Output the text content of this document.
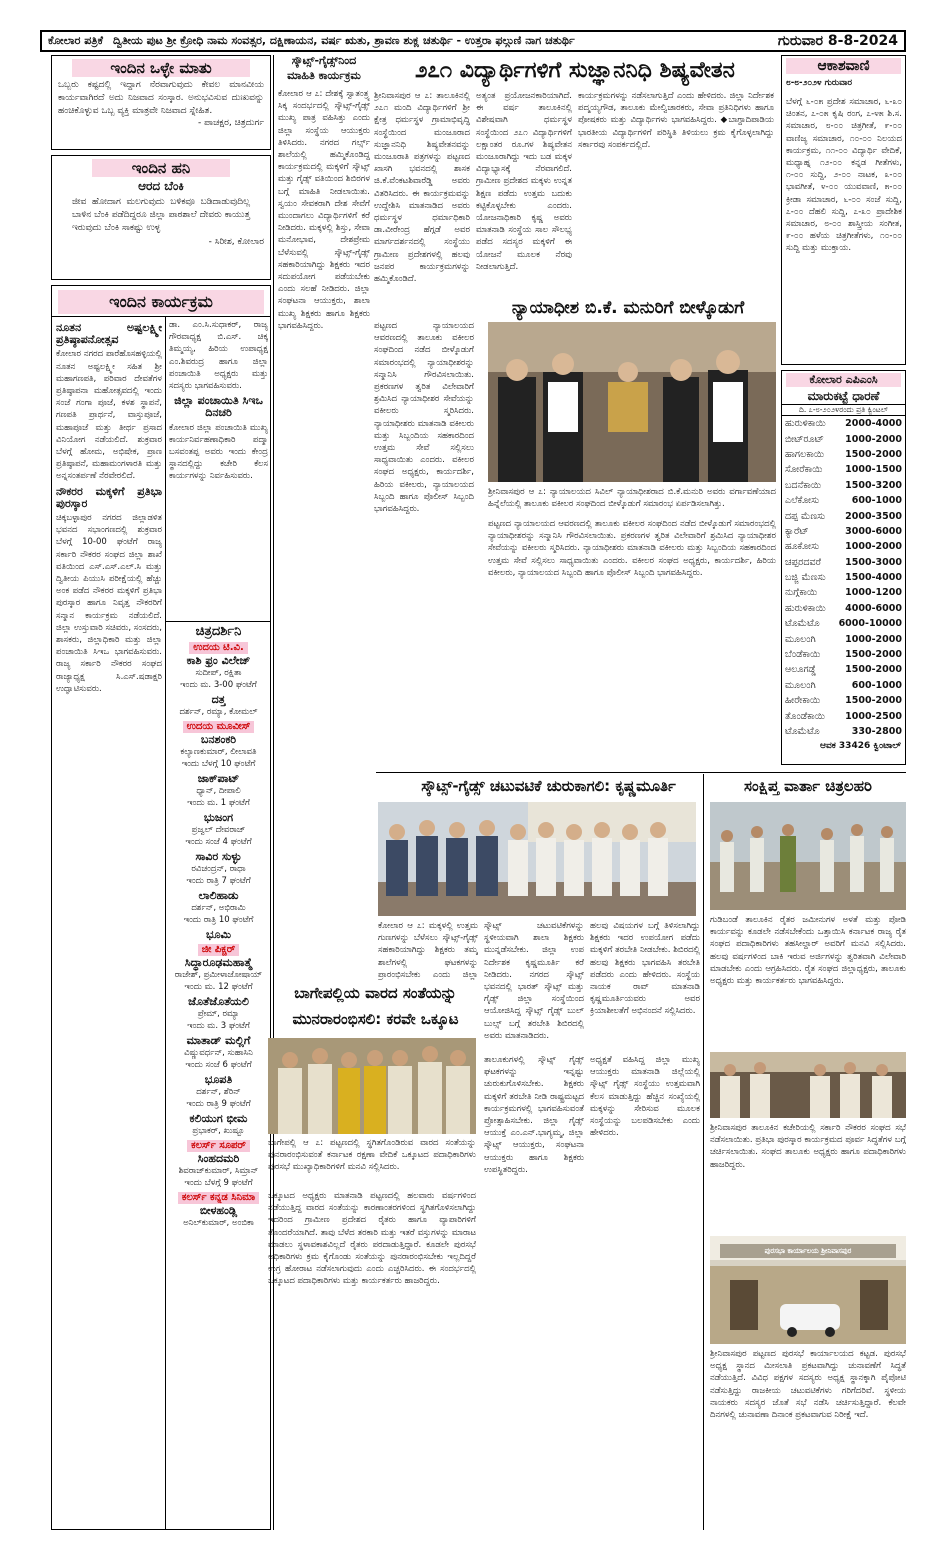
ಕೋಲಾರ ಪತ್ರಿಕೆ ದ್ವಿತೀಯ ಪುಟ ಶ್ರೀ ಕ್ರೋಧಿ ನಾಮ ಸಂವತ್ಸರ, ದಕ್ಷಿಣಾಯನ, ವರ್ಷ ಋತು, ಶ್ರಾವಣ ಶುಕ್ಲ ಚತುರ್ಥಿ - ಉತ್ತರಾ ಫಲ್ಗುಣಿ ನಾಗ ಚತುರ್ಥಿ	ಗುರುವಾರ 8-8-2024
ಇಂದಿನ ಒಳ್ಳೇ ಮಾತು
ಒಬ್ಬರು ಕಷ್ಟದಲ್ಲಿ ಇದ್ದಾಗ ನೆರವಾಗುವುದು ಕೇವಲ ಮಾನವೀಯ ಕಾರ್ಯವಾಗಿರದೆ ಅದು ನಿಜವಾದ ಸಂಸ್ಕಾರ. ಅನುಭವಿಸುವ ದುಃಖವನ್ನು ಹಂಚಿಕೊಳ್ಳುವ ಒಬ್ಬ ವ್ಯಕ್ತಿ ಮಾತ್ರವೇ ನಿಜವಾದ ಸ್ನೇಹಿತ.
- ಪಾಚಕ್ಷರ, ಚಿತ್ರದುರ್ಗ
ಇಂದಿನ ಹನಿ
ಆರದ ಬೆಂಕಿ
ಜೀವ ಹೋದಾಗ ಮಲಗುವುದು ಬಳಿಕವೂ ಬಡಿದಾಡುವುದಿಲ್ಲ ಬಾಳಿನ ಬೆಂಕಿ ಪಡೆದಿದ್ದರೂ ಜಿಲ್ಲಾ ಪಾಠಶಾಲೆ ದೇವರು ಕಾಯುತ್ತ ಇರುವುದು ಬೆಂಕಿ ಸಾಕಷ್ಟು ಉಳ್ಳ
- ಸಿರೀಶ, ಕೋಲಾರ
ಇಂದಿನ ಕಾರ್ಯಕ್ರಮ
ನೂತನ ಅಷ್ಟಲಕ್ಷ್ಮೀ ಪ್ರತಿಷ್ಠಾಪನೋತ್ಸವ

ಕೋಲಾರ ನಗರದ ಪಾರೆಹೊಸಹಳ್ಳಿಯಲ್ಲಿ ನೂತನ ಅಷ್ಟಲಕ್ಷ್ಮೀ ಸಹಿತ ಶ್ರೀ ಮಹಾಗಣಪತಿ, ಪರಿವಾರ ದೇವತೆಗಳ ಪ್ರತಿಷ್ಠಾಪನಾ ಮಹೋತ್ಸವದಲ್ಲಿ ಇಂದು ಸಂಜೆ ಗಂಗಾ ಪೂಜೆ, ಕಳಶ ಸ್ಥಾಪನೆ, ಗಣಪತಿ ಪ್ರಾರ್ಥನೆ, ವಾಸ್ತುಪೂಜೆ, ಮಹಾಪೂಜೆ ಮತ್ತು ತೀರ್ಥ ಪ್ರಸಾದ ವಿನಿಯೋಗ ನಡೆಯಲಿದೆ. ಶುಕ್ರವಾರ ಬೆಳಗ್ಗೆ ಹೋಮ, ಅಭಿಷೇಕ, ಪ್ರಾಣ ಪ್ರತಿಷ್ಠಾಪನೆ, ಮಹಾಮಂಗಳಾರತಿ ಮತ್ತು ಅನ್ನಸಂತರ್ಪಣೆ ನೆರವೇರಲಿದೆ.

ನೌಕರರ ಮಕ್ಕಳಿಗೆ ಪ್ರತಿಭಾ ಪುರಸ್ಕಾರ

ಚಿಕ್ಕಬಳ್ಳಾಪುರ ನಗರದ ಜಿಲ್ಲಾಡಳಿತ ಭವನದ ಸಭಾಂಗಣದಲ್ಲಿ ಶುಕ್ರವಾರ ಬೆಳಗ್ಗೆ 10-00 ಘಂಟೆಗೆ ರಾಜ್ಯ ಸರ್ಕಾರಿ ನೌಕರರ ಸಂಘದ ಜಿಲ್ಲಾ ಶಾಖೆ ವತಿಯಿಂದ ಎಸ್.ಎಸ್.ಎಲ್.ಸಿ ಮತ್ತು ದ್ವಿತೀಯ ಪಿಯುಸಿ ಪರೀಕ್ಷೆಯಲ್ಲಿ ಹೆಚ್ಚು ಅಂಕ ಪಡೆದ ನೌಕರರ ಮಕ್ಕಳಿಗೆ ಪ್ರತಿಭಾ ಪುರಸ್ಕಾರ ಹಾಗೂ ನಿವೃತ್ತ ನೌಕರರಿಗೆ ಸನ್ಮಾನ ಕಾರ್ಯಕ್ರಮ ನಡೆಯಲಿದೆ. ಜಿಲ್ಲಾ ಉಸ್ತುವಾರಿ ಸಚಿವರು, ಸಂಸದರು, ಶಾಸಕರು, ಜಿಲ್ಲಾಧಿಕಾರಿ ಮತ್ತು ಜಿಲ್ಲಾ ಪಂಚಾಯಿತಿ ಸಿಇಒ ಭಾಗವಹಿಸುವರು. ರಾಜ್ಯ ಸರ್ಕಾರಿ ನೌಕರರ ಸಂಘದ ರಾಜ್ಯಾಧ್ಯಕ್ಷ ಸಿ.ಎಸ್.ಷಡಾಕ್ಷರಿ ಉದ್ಘಾಟಿಸುವರು.

ಡಾ. ಎಂ.ಸಿ.ಸುಧಾಕರ್, ರಾಜ್ಯ ಗೌರವಾಧ್ಯಕ್ಷ ಬಿ.ಎಸ್. ಚಿಕ್ಕ ತಿಮ್ಮಯ್ಯ, ಹಿರಿಯ ಉಪಾಧ್ಯಕ್ಷ ಎಂ.ಶಿವರುದ್ರ ಹಾಗೂ ಜಿಲ್ಲಾ ಪಂಚಾಯಿತಿ ಅಧ್ಯಕ್ಷರು ಮತ್ತು ಸದಸ್ಯರು ಭಾಗವಹಿಸುವರು.

ಜಿಲ್ಲಾ ಪಂಚಾಯಿತಿ ಸಿಇಒ ದಿನಚರಿ

ಕೋಲಾರ ಜಿಲ್ಲಾ ಪಂಚಾಯಿತಿ ಮುಖ್ಯ ಕಾರ್ಯನಿರ್ವಹಣಾಧಿಕಾರಿ ಪದ್ಮಾ ಬಸವಂತಪ್ಪ ಅವರು ಇಂದು ಕೇಂದ್ರ ಸ್ಥಾನದಲ್ಲಿದ್ದು ಕಚೇರಿ ಕೆಲಸ ಕಾರ್ಯಗಳನ್ನು ನಿರ್ವಹಿಸುವರು.

ಚಿತ್ರದರ್ಶಿನಿ
ಉದಯ ಟಿ.ವಿ.
ಕಾಶಿ ಫ್ರಂ ವಿಲೇಜ್
ಸುದೀಪ್, ರಕ್ಷಿತಾ
ಇಂದು ಮ. 3-00 ಘಂಟೆಗೆ
ದತ್ತ
ದರ್ಶನ್, ರಮ್ಯಾ, ಕೋಮಲ್
ಉದಯ ಮೂವೀಸ್
ಬನಶಂಕರಿ
ಕಲ್ಯಾಣಕುಮಾರ್, ಲೀಲಾವತಿ
ಇಂದು ಬೆಳಗ್ಗೆ 10 ಘಂಟೆಗೆ
ಜಾಕ್‌ಪಾಟ್
ಧ್ಯಾನ್, ದೀಪಾಲಿ
ಇಂದು ಮ. 1 ಘಂಟೆಗೆ
ಭುಜಂಗ
ಪ್ರಜ್ವಲ್ ದೇವರಾಜ್
ಇಂದು ಸಂಜೆ 4 ಘಂಟೆಗೆ
ಸಾವಿರ ಸುಳ್ಳು
ರವಿಚಂದ್ರನ್, ರಾಧಾ
ಇಂದು ರಾತ್ರಿ 7 ಘಂಟೆಗೆ
ಲಾಲಿಹಾಡು
ದರ್ಶನ್, ಅಭಿರಾಮಿ
ಇಂದು ರಾತ್ರಿ 10 ಘಂಟೆಗೆ
ಭೂಮಿ
ಜೀ ಪಿಕ್ಚರ್
ಸಿದ್ಧಾರೂಢಮಹಾತ್ಮೆ
ರಾಜೇಶ್, ಪ್ರಮೀಳಾಜೋಷಾಯ್
ಇಂದು ಮ. 12 ಘಂಟೆಗೆ
ಜೊತೆಜೊತೆಯಲಿ
ಪ್ರೇಮ್, ರಮ್ಯಾ
ಇಂದು ಮ. 3 ಘಂಟೆಗೆ
ಮಾತಾಡ್ ಮಲ್ಲಿಗೆ
ವಿಷ್ಣುವರ್ಧನ್, ಸುಹಾಸಿನಿ
ಇಂದು ಸಂಜೆ 6 ಘಂಟೆಗೆ
ಭೂಪತಿ
ದರ್ಶನ್, ಶೆರಿನ್
ಇಂದು ರಾತ್ರಿ 9 ಘಂಟೆಗೆ
ಕಲಿಯುಗ ಭೀಮ
ಪ್ರಭಾಕರ್, ಖುಷ್ಬೂ
ಕಲರ್ಸ್ ಸೂಪರ್
ಸಿಂಹದಮರಿ
ಶಿವರಾಜ್‌ಕುಮಾರ್, ಸಿಮ್ರಾನ್
ಇಂದು ಬೆಳಗ್ಗೆ 9 ಘಂಟೆಗೆ
ಕಲರ್ಸ್ ಕನ್ನಡ ಸಿನಿಮಾ
ಬೀಳಹಂಡ್ಲಿ
ಅನಿಲ್‌ಕುಮಾರ್, ಅಂಬಿಕಾ
ಸ್ಕೌಟ್ಸ್-ಗೈಡ್ಸ್‌ನಿಂದ ಮಾಹಿತಿ ಕಾರ್ಯಕ್ರಮ
ಕೋಲಾರ ಆ ೭: ದೇಶಕ್ಕೆ ಸ್ವಾತಂತ್ರ್ಯ ಸಿಕ್ಕ ಸಂದರ್ಭದಲ್ಲಿ ಸ್ಕೌಟ್ಸ್-ಗೈಡ್ಸ್ ಮುಖ್ಯ ಪಾತ್ರ ವಹಿಸಿತ್ತು ಎಂದು ಜಿಲ್ಲಾ ಸಂಸ್ಥೆಯ ಆಯುಕ್ತರು ತಿಳಿಸಿದರು. ನಗರದ ಗರ್ಲ್ಸ್ ಶಾಲೆಯಲ್ಲಿ ಹಮ್ಮಿಕೊಂಡಿದ್ದ ಕಾರ್ಯಕ್ರಮದಲ್ಲಿ ಮಕ್ಕಳಿಗೆ ಸ್ಕೌಟ್ಸ್ ಮತ್ತು ಗೈಡ್ಸ್ ವತಿಯಿಂದ ಶಿಬಿರಗಳ ಬಗ್ಗೆ ಮಾಹಿತಿ ನೀಡಲಾಯಿತು. ಸ್ವಯಂ ಸೇವಕರಾಗಿ ದೇಶ ಸೇವೆಗೆ ಮುಂದಾಗಲು ವಿದ್ಯಾರ್ಥಿಗಳಿಗೆ ಕರೆ ನೀಡಿದರು. ಮಕ್ಕಳಲ್ಲಿ ಶಿಸ್ತು, ಸೇವಾ ಮನೋಭಾವ, ದೇಶಪ್ರೇಮ ಬೆಳೆಸುವಲ್ಲಿ ಸ್ಕೌಟ್ಸ್-ಗೈಡ್ಸ್ ಸಹಕಾರಿಯಾಗಿದ್ದು ಶಿಕ್ಷಕರು ಇದರ ಸದುಪಯೋಗ ಪಡೆಯಬೇಕು ಎಂದು ಸಲಹೆ ನೀಡಿದರು. ಜಿಲ್ಲಾ ಸಂಘಟನಾ ಆಯುಕ್ತರು, ಶಾಲಾ ಮುಖ್ಯ ಶಿಕ್ಷಕರು ಹಾಗೂ ಶಿಕ್ಷಕರು ಭಾಗವಹಿಸಿದ್ದರು.
೨೭೧ ವಿದ್ಯಾರ್ಥಿಗಳಿಗೆ ಸುಜ್ಞಾನನಿಧಿ ಶಿಷ್ಯವೇತನ
ಶ್ರೀನಿವಾಸಪುರ ಆ ೭: ತಾಲೂಕಿನಲ್ಲಿ ೨೭೧ ಮಂದಿ ವಿದ್ಯಾರ್ಥಿಗಳಿಗೆ ಶ್ರೀ ಕ್ಷೇತ್ರ ಧರ್ಮಸ್ಥಳ ಗ್ರಾಮಾಭಿವೃದ್ಧಿ ಸಂಸ್ಥೆಯಿಂದ ಮಂಜೂರಾದ ಸುಜ್ಞಾನನಿಧಿ ಶಿಷ್ಯವೇತನವನ್ನು ಮಂಜೂರಾತಿ ಪತ್ರಗಳನ್ನು ಪಟ್ಟಣದ ಖಾಸಗಿ ಭವನದಲ್ಲಿ ಶಾಸಕ ಜಿ.ಕೆ.ವೆಂಕಟಶಿವಾರೆಡ್ಡಿ ಅವರು ವಿತರಿಸಿದರು. ಈ ಕಾರ್ಯಕ್ರಮವನ್ನು ಉದ್ದೇಶಿಸಿ ಮಾತನಾಡಿದ ಅವರು ಧರ್ಮಸ್ಥಳ ಧರ್ಮಾಧಿಕಾರಿ ಡಾ.ವೀರೇಂದ್ರ ಹೆಗ್ಗಡೆ ಅವರ ಮಾರ್ಗದರ್ಶನದಲ್ಲಿ ಸಂಸ್ಥೆಯು ಗ್ರಾಮೀಣ ಪ್ರದೇಶಗಳಲ್ಲಿ ಹಲವು ಜನಪರ ಕಾರ್ಯಕ್ರಮಗಳನ್ನು ಹಮ್ಮಿಕೊಂಡಿದೆ.
ಅತ್ಯಂತ ಪ್ರಯೋಜನಕಾರಿಯಾಗಿದೆ. ಈ ವರ್ಷ ತಾಲೂಕಿನಲ್ಲಿ ವಿಶೇಷವಾಗಿ ಧರ್ಮಸ್ಥಳ ಸಂಸ್ಥೆಯಿಂದ ೨೭೧ ವಿದ್ಯಾರ್ಥಿಗಳಿಗೆ ಲಕ್ಷಾಂತರ ರೂ.ಗಳ ಶಿಷ್ಯವೇತನ ಮಂಜೂರಾಗಿದ್ದು ಇದು ಬಡ ಮಕ್ಕಳ ವಿದ್ಯಾಭ್ಯಾಸಕ್ಕೆ ನೆರವಾಗಲಿದೆ. ಗ್ರಾಮೀಣ ಪ್ರದೇಶದ ಮಕ್ಕಳು ಉನ್ನತ ಶಿಕ್ಷಣ ಪಡೆದು ಉತ್ತಮ ಬದುಕು ಕಟ್ಟಿಕೊಳ್ಳಬೇಕು ಎಂದರು. ಯೋಜನಾಧಿಕಾರಿ ಕೃಷ್ಣ ಅವರು ಮಾತನಾಡಿ ಸಂಸ್ಥೆಯ ಸಾಲ ಸೌಲಭ್ಯ ಪಡೆದ ಸದಸ್ಯರ ಮಕ್ಕಳಿಗೆ ಈ ಯೋಜನೆ ಮೂಲಕ ನೆರವು ನೀಡಲಾಗುತ್ತಿದೆ.
ಕಾರ್ಯಕ್ರಮಗಳನ್ನು ನಡೆಸಲಾಗುತ್ತಿದೆ ಎಂದು ಹೇಳಿದರು. ಜಿಲ್ಲಾ ನಿರ್ದೇಶಕ ಪದ್ಮಯ್ಯಗೌಡ, ತಾಲೂಕು ಮೇಲ್ವಿಚಾರಕರು, ಸೇವಾ ಪ್ರತಿನಿಧಿಗಳು ಹಾಗೂ ಪೋಷಕರು ಮತ್ತು ವಿದ್ಯಾರ್ಥಿಗಳು ಭಾಗವಹಿಸಿದ್ದರು. ◆ಬಾಗ್ದಾದಿಪಾಡಿಯ ಭಾರತೀಯ ವಿದ್ಯಾರ್ಥಿಗಳಿಗೆ ಪರಿಸ್ಥಿತಿ ತಿಳಿಯಲು ಕ್ರಮ ಕೈಗೊಳ್ಳಲಾಗಿದ್ದು ಸರ್ಕಾರವು ಸಂಪರ್ಕದಲ್ಲಿದೆ.
ನ್ಯಾಯಾಧೀಶ ಬಿ.ಕೆ. ಮನುರಿಗೆ ಬೀಳ್ಕೊಡುಗೆ
ಪಟ್ಟಣದ ನ್ಯಾಯಾಲಯದ ಆವರಣದಲ್ಲಿ ತಾಲೂಕು ವಕೀಲರ ಸಂಘದಿಂದ ನಡೆದ ಬೀಳ್ಕೊಡುಗೆ ಸಮಾರಂಭದಲ್ಲಿ ನ್ಯಾಯಾಧೀಶರನ್ನು ಸನ್ಮಾನಿಸಿ ಗೌರವಿಸಲಾಯಿತು. ಪ್ರಕರಣಗಳ ತ್ವರಿತ ವಿಲೇವಾರಿಗೆ ಶ್ರಮಿಸಿದ ನ್ಯಾಯಾಧೀಶರ ಸೇವೆಯನ್ನು ವಕೀಲರು ಸ್ಮರಿಸಿದರು. ನ್ಯಾಯಾಧೀಶರು ಮಾತನಾಡಿ ವಕೀಲರು ಮತ್ತು ಸಿಬ್ಬಂದಿಯ ಸಹಕಾರದಿಂದ ಉತ್ತಮ ಸೇವೆ ಸಲ್ಲಿಸಲು ಸಾಧ್ಯವಾಯಿತು ಎಂದರು. ವಕೀಲರ ಸಂಘದ ಅಧ್ಯಕ್ಷರು, ಕಾರ್ಯದರ್ಶಿ, ಹಿರಿಯ ವಕೀಲರು, ನ್ಯಾಯಾಲಯದ ಸಿಬ್ಬಂದಿ ಹಾಗೂ ಪೊಲೀಸ್ ಸಿಬ್ಬಂದಿ ಭಾಗವಹಿಸಿದ್ದರು.
ಶ್ರೀನಿವಾಸಪುರ ಆ ೭: ನ್ಯಾಯಾಲಯದ ಸಿವಿಲ್ ನ್ಯಾಯಾಧೀಶರಾದ ಬಿ.ಕೆ.ಮನುರಿ ಅವರು ವರ್ಗಾವಣೆಯಾದ ಹಿನ್ನೆಲೆಯಲ್ಲಿ ತಾಲೂಕು ವಕೀಲರ ಸಂಘದಿಂದ ಬೀಳ್ಕೊಡುಗೆ ಸಮಾರಂಭ ಏರ್ಪಡಿಸಲಾಗಿತ್ತು.
ಪಟ್ಟಣದ ನ್ಯಾಯಾಲಯದ ಆವರಣದಲ್ಲಿ ತಾಲೂಕು ವಕೀಲರ ಸಂಘದಿಂದ ನಡೆದ ಬೀಳ್ಕೊಡುಗೆ ಸಮಾರಂಭದಲ್ಲಿ ನ್ಯಾಯಾಧೀಶರನ್ನು ಸನ್ಮಾನಿಸಿ ಗೌರವಿಸಲಾಯಿತು. ಪ್ರಕರಣಗಳ ತ್ವರಿತ ವಿಲೇವಾರಿಗೆ ಶ್ರಮಿಸಿದ ನ್ಯಾಯಾಧೀಶರ ಸೇವೆಯನ್ನು ವಕೀಲರು ಸ್ಮರಿಸಿದರು. ನ್ಯಾಯಾಧೀಶರು ಮಾತನಾಡಿ ವಕೀಲರು ಮತ್ತು ಸಿಬ್ಬಂದಿಯ ಸಹಕಾರದಿಂದ ಉತ್ತಮ ಸೇವೆ ಸಲ್ಲಿಸಲು ಸಾಧ್ಯವಾಯಿತು ಎಂದರು. ವಕೀಲರ ಸಂಘದ ಅಧ್ಯಕ್ಷರು, ಕಾರ್ಯದರ್ಶಿ, ಹಿರಿಯ ವಕೀಲರು, ನ್ಯಾಯಾಲಯದ ಸಿಬ್ಬಂದಿ ಹಾಗೂ ಪೊಲೀಸ್ ಸಿಬ್ಬಂದಿ ಭಾಗವಹಿಸಿದ್ದರು.
ಆಕಾಶವಾಣಿ
೮-೮-೨೦೨೪ ಗುರುವಾರ
ಬೆಳಗ್ಗೆ ೬-೦೫ ಪ್ರದೇಶ ಸಮಾಚಾರ, ೬-೩೦ ಚಿಂತನ, ೭-೦೫ ಕೃಷಿ ರಂಗ, ೭-೪೫ ಶಿ.ಸ. ಸಮಾಚಾರ, ೮-೦೦ ಚಿತ್ರಗೀತೆ, ೯-೦೦ ವಾಣಿಜ್ಯ ಸಮಾಚಾರ, ೧೦-೦೦ ನಿಲಯದ ಕಾರ್ಯಕ್ರಮ, ೧೧-೦೦ ವಿದ್ಯಾರ್ಥಿ ವೇದಿಕೆ, ಮಧ್ಯಾಹ್ನ ೧೨-೦೦ ಕನ್ನಡ ಗೀತೆಗಳು, ೧-೦೦ ಸುದ್ದಿ, ೨-೦೦ ನಾಟಕ, ೩-೦೦ ಭಾವಗೀತೆ, ೪-೦೦ ಯುವವಾಣಿ, ೫-೦೦ ಕ್ರೀಡಾ ಸಮಾಚಾರ, ೬-೦೦ ಸಂಜೆ ಸುದ್ದಿ, ೭-೦೦ ದೆಹಲಿ ಸುದ್ದಿ, ೭-೩೦ ಪ್ರಾದೇಶಿಕ ಸಮಾಚಾರ, ೮-೦೦ ಶಾಸ್ತ್ರೀಯ ಸಂಗೀತ, ೯-೦೦ ಹಳೆಯ ಚಿತ್ರಗೀತೆಗಳು, ೧೦-೦೦ ಸುದ್ದಿ ಮತ್ತು ಮುಕ್ತಾಯ.
ಕೋಲಾರ ಎಪಿಎಂಸಿ
ಮಾರುಕಟ್ಟೆ ಧಾರಣೆ
ದಿ. ೭-೮-೨೦೨೪ರಂದು ಪ್ರತಿ ಕ್ವಿಂಟಲ್
ಹುರುಳಿಕಾಯಿ	2000-4000
ಬೀಟ್‌ರೂಟ್	1000-2000
ಹಾಗಲಕಾಯಿ	1500-2000
ಸೋರೆಕಾಯಿ	1000-1500
ಬದನೆಕಾಯಿ	1500-3200
ಎಲೆಕೋಸು	600-1000
ದಪ್ಪ ಮೆಣಸು	2000-3500
ಕ್ಯಾರೆಟ್	3000-6000
ಹೂಕೋಸು	1000-2000
ಚಪ್ಪರದವರೆ	1500-3000
ಬಜ್ಜಿ ಮೆಣಸು	1500-4000
ನುಗ್ಗೆಕಾಯಿ	1000-1200
ಹುರುಳಿಕಾಯಿ	4000-6000
ಟೊಮೆಟೊ	6000-10000
ಮೂಲಂಗಿ	1000-2000
ಬೆಂಡೆಕಾಯಿ	1500-2000
ಆಲೂಗಡ್ಡೆ	1500-2000
ಮೂಲಂಗಿ	600-1000
ಹೀರೇಕಾಯಿ	1500-2000
ತೊಂಡೆಕಾಯಿ	1000-2500
ಟೊಮೆಟೊ	330-2800
ಆವಕ 33426 ಕ್ವಿಂಟಾಲ್
ಸ್ಕೌಟ್ಸ್-ಗೈಡ್ಸ್ ಚಟುವಟಿಕೆ ಚುರುಕಾಗಲಿ: ಕೃಷ್ಣಮೂರ್ತಿ
ಕೋಲಾರ ಆ ೭: ಮಕ್ಕಳಲ್ಲಿ ಉತ್ತಮ ಗುಣಗಳನ್ನು ಬೆಳೆಸಲು ಸ್ಕೌಟ್ಸ್-ಗೈಡ್ಸ್ ಸಹಕಾರಿಯಾಗಿದ್ದು ಶಿಕ್ಷಕರು ತಮ್ಮ ಶಾಲೆಗಳಲ್ಲಿ ಘಟಕಗಳನ್ನು ಪ್ರಾರಂಭಿಸಬೇಕು ಎಂದು ಜಿಲ್ಲಾ
ಸ್ಕೌಟ್ಸ್ ಚಟುವಟಿಕೆಗಳನ್ನು ಸ್ಥಳೀಯವಾಗಿ ಶಾಲಾ ಶಿಕ್ಷಕರು ಮುನ್ನಡೆಸಬೇಕು. ಜಿಲ್ಲಾ ಉಪ ನಿರ್ದೇಶಕ ಕೃಷ್ಣಮೂರ್ತಿ ಕರೆ ನೀಡಿದರು. ನಗರದ ಸ್ಕೌಟ್ಸ್ ಭವನದಲ್ಲಿ ಭಾರತ್ ಸ್ಕೌಟ್ಸ್ ಮತ್ತು ಗೈಡ್ಸ್ ಜಿಲ್ಲಾ ಸಂಸ್ಥೆಯಿಂದ ಆಯೋಜಿಸಿದ್ದ ಸ್ಕೌಟ್ಸ್ ಗೈಡ್ಸ್ ಬುಲ್ ಬುಲ್ಸ್ ಬಗ್ಗೆ ತರಬೇತಿ ಶಿಬಿರದಲ್ಲಿ ಅವರು ಮಾತನಾಡಿದರು.
ಹಲವು ವಿಷಯಗಳ ಬಗ್ಗೆ ತಿಳಿಸಲಾಗಿದ್ದು ಶಿಕ್ಷಕರು ಇದರ ಉಪಯೋಗ ಪಡೆದು ಮಕ್ಕಳಿಗೆ ತರಬೇತಿ ನೀಡಬೇಕು. ಶಿಬಿರದಲ್ಲಿ ಹಲವು ಶಿಕ್ಷಕರು ಭಾಗವಹಿಸಿ ತರಬೇತಿ ಪಡೆದರು ಎಂದು ಹೇಳಿದರು. ಸಂಸ್ಥೆಯ ನಾಯಕ ರಾವ್ ಮಾತನಾಡಿ ಕೃಷ್ಣಮೂರ್ತಿಯವರು ಅವರ ಕ್ರಿಯಾಶೀಲತೆಗೆ ಅಭಿನಂದನೆ ಸಲ್ಲಿಸಿದರು.
ಬಾಗೇಪಲ್ಲಿಯ ವಾರದ ಸಂತೆಯನ್ನು
ಮುನರಾರಂಭಿಸಲಿ: ಕರವೇ ಒಕ್ಕೂಟ
ಬಾಗೇಪಲ್ಲಿ ಆ ೭: ಪಟ್ಟಣದಲ್ಲಿ ಸ್ಥಗಿತಗೊಂಡಿರುವ ವಾರದ ಸಂತೆಯನ್ನು ಪುನರಾರಂಭಿಸುವಂತೆ ಕರ್ನಾಟಕ ರಕ್ಷಣಾ ವೇದಿಕೆ ಒಕ್ಕೂಟದ ಪದಾಧಿಕಾರಿಗಳು ಪುರಸಭೆ ಮುಖ್ಯಾಧಿಕಾರಿಗಳಿಗೆ ಮನವಿ ಸಲ್ಲಿಸಿದರು.
ಒಕ್ಕೂಟದ ಅಧ್ಯಕ್ಷರು ಮಾತನಾಡಿ ಪಟ್ಟಣದಲ್ಲಿ ಹಲವಾರು ವರ್ಷಗಳಿಂದ ನಡೆಯುತ್ತಿದ್ದ ವಾರದ ಸಂತೆಯನ್ನು ಕಾರಣಾಂತರಗಳಿಂದ ಸ್ಥಗಿತಗೊಳಿಸಲಾಗಿದ್ದು ಇದರಿಂದ ಗ್ರಾಮೀಣ ಪ್ರದೇಶದ ರೈತರು ಹಾಗೂ ವ್ಯಾಪಾರಿಗಳಿಗೆ ತೊಂದರೆಯಾಗಿದೆ. ತಾವು ಬೆಳೆದ ತರಕಾರಿ ಮತ್ತು ಇತರೆ ವಸ್ತುಗಳನ್ನು ಮಾರಾಟ ಮಾಡಲು ಸ್ಥಳಾವಕಾಶವಿಲ್ಲದೆ ರೈತರು ಪರದಾಡುತ್ತಿದ್ದಾರೆ. ಕೂಡಲೇ ಪುರಸಭೆ ಅಧಿಕಾರಿಗಳು ಕ್ರಮ ಕೈಗೊಂಡು ಸಂತೆಯನ್ನು ಪುನರಾರಂಭಿಸಬೇಕು ಇಲ್ಲದಿದ್ದರೆ ಉಗ್ರ ಹೋರಾಟ ನಡೆಸಲಾಗುವುದು ಎಂದು ಎಚ್ಚರಿಸಿದರು. ಈ ಸಂದರ್ಭದಲ್ಲಿ ಒಕ್ಕೂಟದ ಪದಾಧಿಕಾರಿಗಳು ಮತ್ತು ಕಾರ್ಯಕರ್ತರು ಹಾಜರಿದ್ದರು.
ತಾಲೂಕುಗಳಲ್ಲಿ ಸ್ಕೌಟ್ಸ್ ಗೈಡ್ಸ್ ಘಟಕಗಳನ್ನು ಇನ್ನಷ್ಟು ಚುರುಕುಗೊಳಿಸಬೇಕು. ಶಿಕ್ಷಕರು ಮಕ್ಕಳಿಗೆ ತರಬೇತಿ ನೀಡಿ ರಾಷ್ಟ್ರಮಟ್ಟದ ಕಾರ್ಯಕ್ರಮಗಳಲ್ಲಿ ಭಾಗವಹಿಸುವಂತೆ ಪ್ರೋತ್ಸಾಹಿಸಬೇಕು. ಜಿಲ್ಲಾ ಗೈಡ್ಸ್ ಆಯುಕ್ತೆ ಎಂ.ಎನ್.ಭಾಗ್ಯಮ್ಮ, ಜಿಲ್ಲಾ ಸ್ಕೌಟ್ಸ್ ಆಯುಕ್ತರು, ಸಂಘಟನಾ ಆಯುಕ್ತರು ಹಾಗೂ ಶಿಕ್ಷಕರು ಉಪಸ್ಥಿತರಿದ್ದರು.
ಅಧ್ಯಕ್ಷತೆ ವಹಿಸಿದ್ದ ಜಿಲ್ಲಾ ಮುಖ್ಯ ಆಯುಕ್ತರು ಮಾತನಾಡಿ ಜಿಲ್ಲೆಯಲ್ಲಿ ಸ್ಕೌಟ್ಸ್ ಗೈಡ್ಸ್ ಸಂಸ್ಥೆಯು ಉತ್ತಮವಾಗಿ ಕೆಲಸ ಮಾಡುತ್ತಿದ್ದು ಹೆಚ್ಚಿನ ಸಂಖ್ಯೆಯಲ್ಲಿ ಮಕ್ಕಳನ್ನು ಸೇರಿಸುವ ಮೂಲಕ ಸಂಸ್ಥೆಯನ್ನು ಬಲಪಡಿಸಬೇಕು ಎಂದು ಹೇಳಿದರು.
ಸಂಕ್ಷಿಪ್ತ ವಾರ್ತಾ ಚಿತ್ರಲಹರಿ
ಗುಡಿಬಂಡೆ ತಾಲೂಕಿನ ರೈತರ ಜಮೀನುಗಳ ಅಳತೆ ಮತ್ತು ಪೋಡಿ ಕಾರ್ಯವನ್ನು ಕೂಡಲೇ ನಡೆಸಬೇಕೆಂದು ಒತ್ತಾಯಿಸಿ ಕರ್ನಾಟಕ ರಾಜ್ಯ ರೈತ ಸಂಘದ ಪದಾಧಿಕಾರಿಗಳು ತಹಸೀಲ್ದಾರ್ ಅವರಿಗೆ ಮನವಿ ಸಲ್ಲಿಸಿದರು. ಹಲವು ವರ್ಷಗಳಿಂದ ಬಾಕಿ ಇರುವ ಅರ್ಜಿಗಳನ್ನು ತ್ವರಿತವಾಗಿ ವಿಲೇವಾರಿ ಮಾಡಬೇಕು ಎಂದು ಆಗ್ರಹಿಸಿದರು. ರೈತ ಸಂಘದ ಜಿಲ್ಲಾಧ್ಯಕ್ಷರು, ತಾಲೂಕು ಅಧ್ಯಕ್ಷರು ಮತ್ತು ಕಾರ್ಯಕರ್ತರು ಭಾಗವಹಿಸಿದ್ದರು.
ಶ್ರೀನಿವಾಸಪುರ ತಾಲೂಕಿನ ಕಚೇರಿಯಲ್ಲಿ ಸರ್ಕಾರಿ ನೌಕರರ ಸಂಘದ ಸಭೆ ನಡೆಸಲಾಯಿತು. ಪ್ರತಿಭಾ ಪುರಸ್ಕಾರ ಕಾರ್ಯಕ್ರಮದ ಪೂರ್ವ ಸಿದ್ಧತೆಗಳ ಬಗ್ಗೆ ಚರ್ಚಿಸಲಾಯಿತು. ಸಂಘದ ತಾಲೂಕು ಅಧ್ಯಕ್ಷರು ಹಾಗೂ ಪದಾಧಿಕಾರಿಗಳು ಹಾಜರಿದ್ದರು.
ಪುರಸಭಾ ಕಾರ್ಯಾಲಯ ಶ್ರೀನಿವಾಸಪುರ
ಶ್ರೀನಿವಾಸಪುರ ಪಟ್ಟಣದ ಪುರಸಭೆ ಕಾರ್ಯಾಲಯದ ಕಟ್ಟಡ. ಪುರಸಭೆ ಅಧ್ಯಕ್ಷ ಸ್ಥಾನದ ಮೀಸಲಾತಿ ಪ್ರಕಟವಾಗಿದ್ದು ಚುನಾವಣೆಗೆ ಸಿದ್ಧತೆ ನಡೆಯುತ್ತಿದೆ. ವಿವಿಧ ಪಕ್ಷಗಳ ಸದಸ್ಯರು ಅಧ್ಯಕ್ಷ ಸ್ಥಾನಕ್ಕಾಗಿ ಪೈಪೋಟಿ ನಡೆಸುತ್ತಿದ್ದು ರಾಜಕೀಯ ಚಟುವಟಿಕೆಗಳು ಗರಿಗೆದರಿವೆ. ಸ್ಥಳೀಯ ನಾಯಕರು ಸದಸ್ಯರ ಜೊತೆ ಸಭೆ ನಡೆಸಿ ಚರ್ಚಿಸುತ್ತಿದ್ದಾರೆ. ಕೆಲವೇ ದಿನಗಳಲ್ಲಿ ಚುನಾವಣಾ ದಿನಾಂಕ ಪ್ರಕಟವಾಗುವ ನಿರೀಕ್ಷೆ ಇದೆ.
